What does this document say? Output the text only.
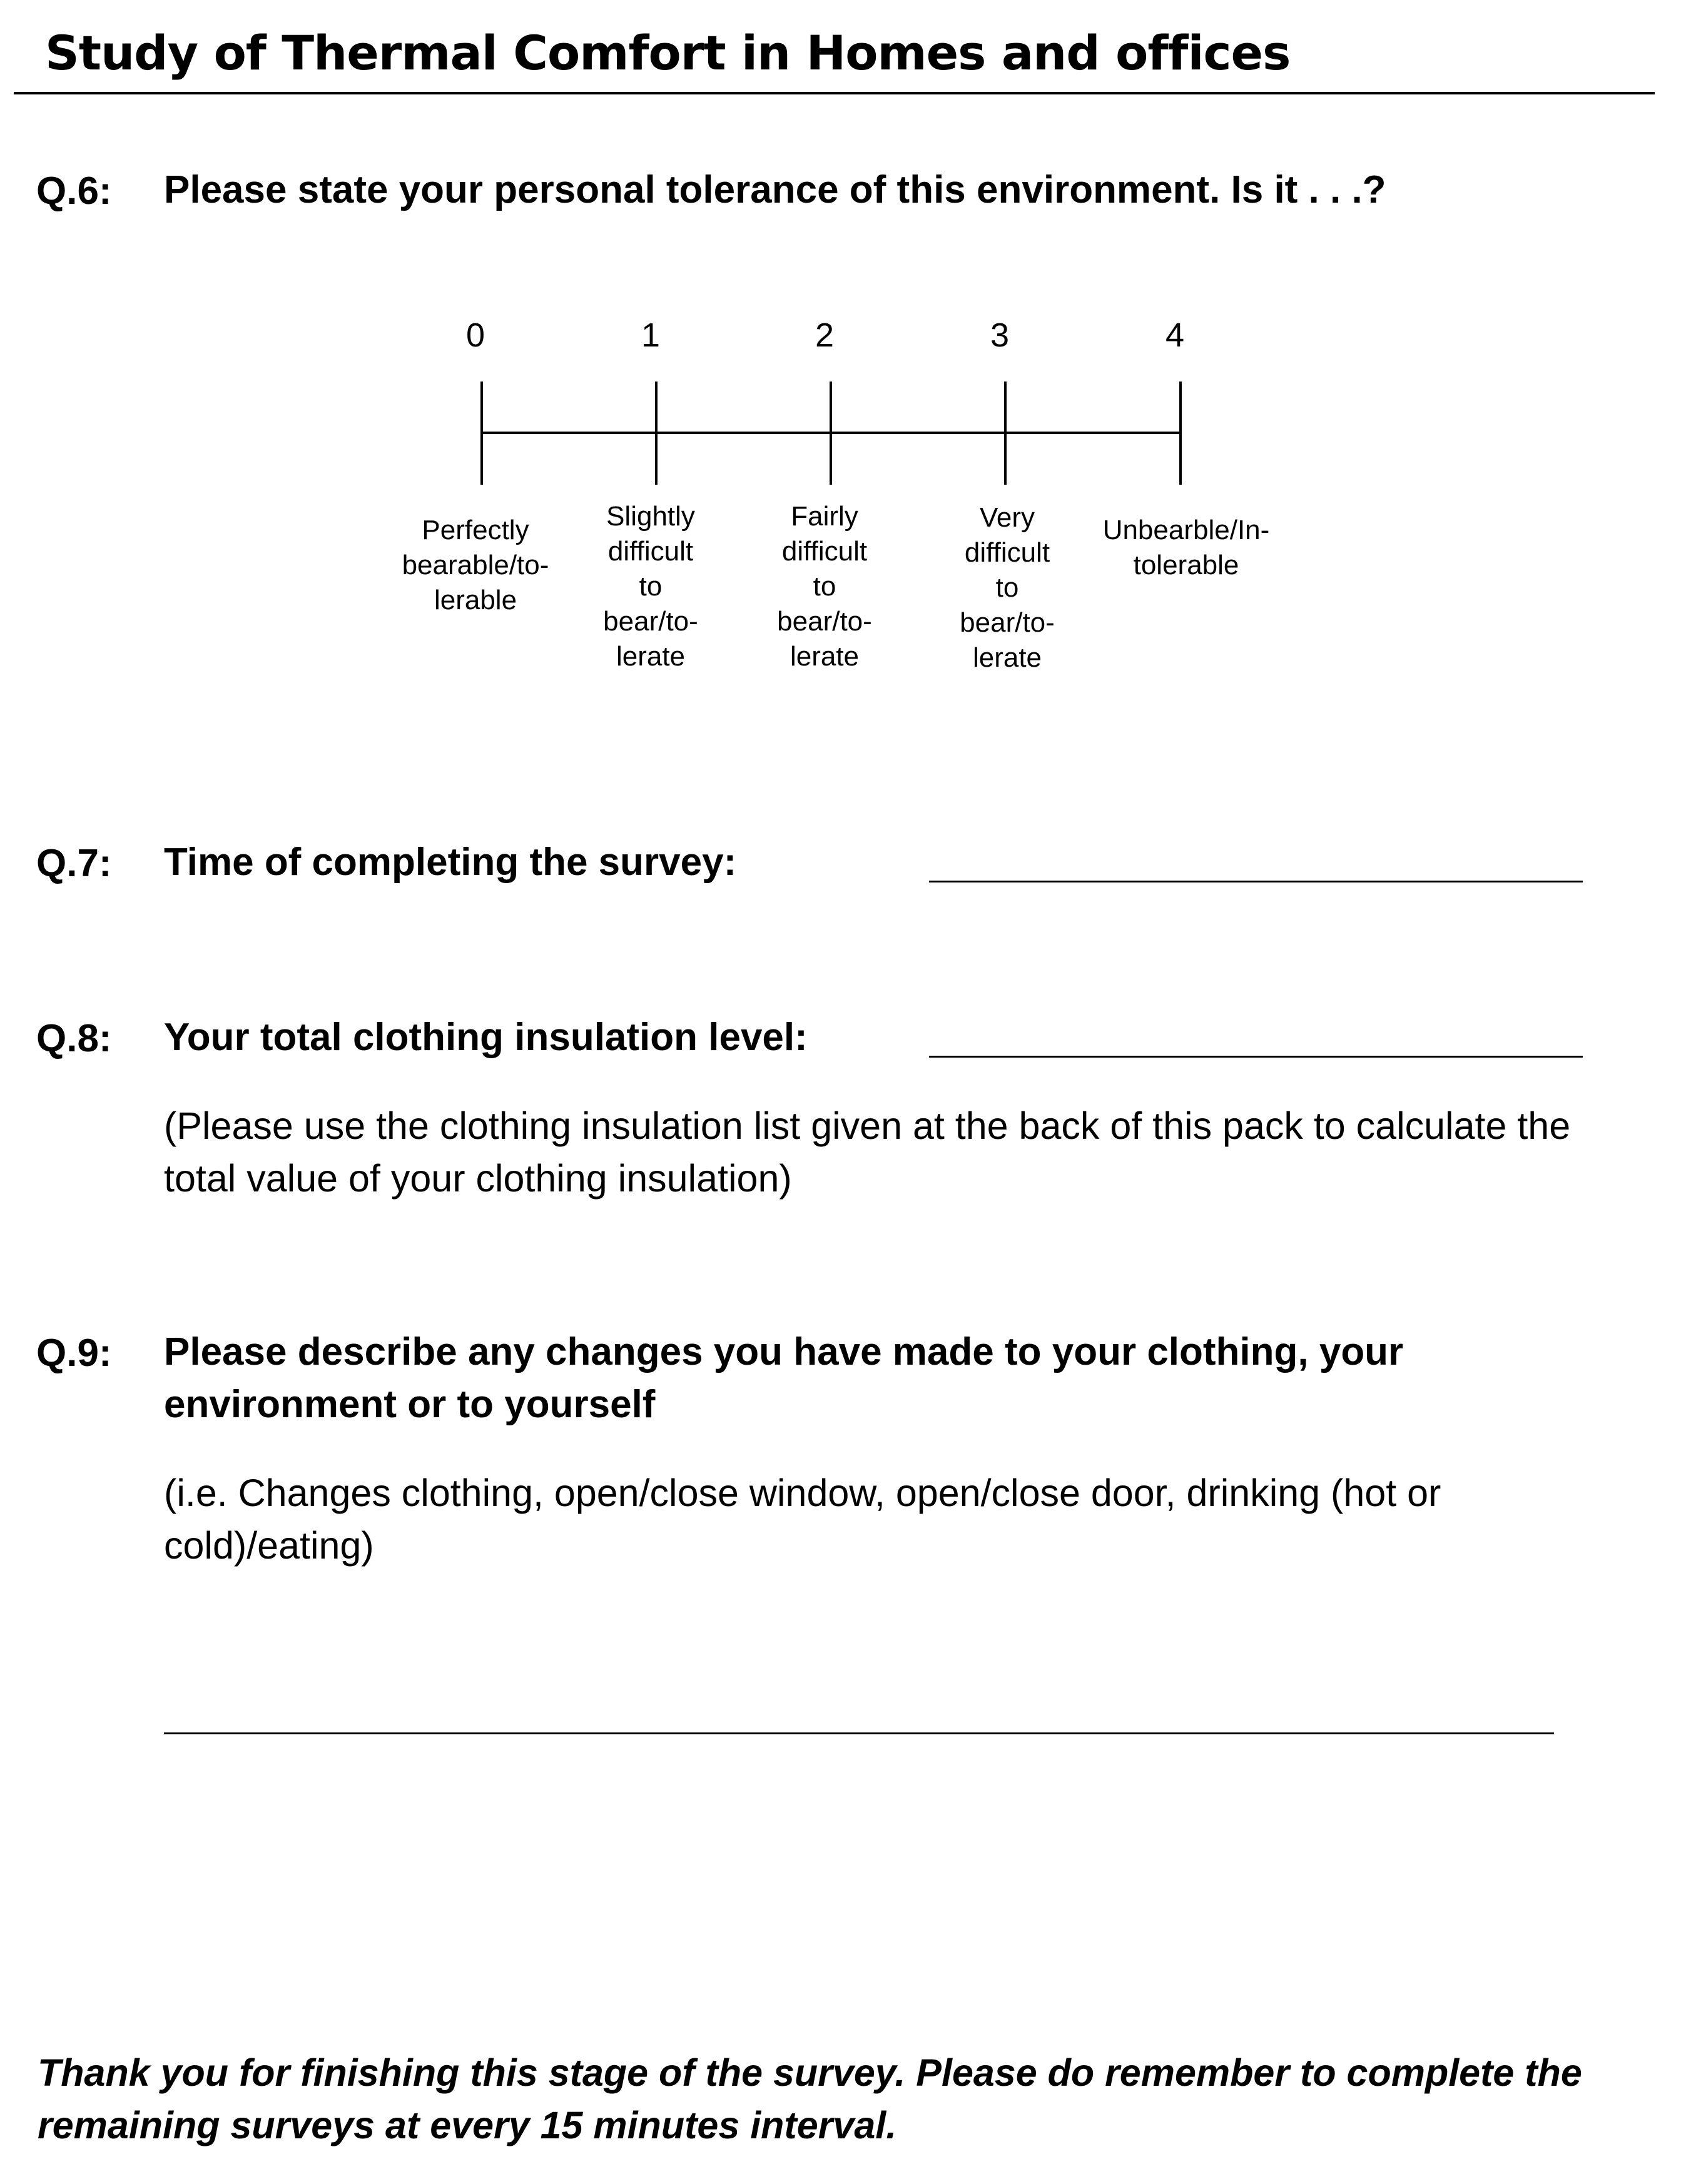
Study of Thermal Comfort in Homes and offices
Q.6: Please state your personal tolerance of this environment. Is it . . .?
0
Perfectly
bearable/to-
lerable
1
Slightly
difficult
to
bear/to-
lerate
2
Fairly
difficult
to
bear/to-
lerate
3
Very
difficult
to
bear/to-
lerate
4
Unbearble/In-
tolerable
Q.7: Time of completing the survey:
Q.8: Your total clothing insulation level:
(Please use the clothing insulation list given at the back of this pack to calculate the
total value of your clothing insulation)
Q.9: Please describe any changes you have made to your clothing, your
environment or to yourself
(i.e. Changes clothing, open/close window, open/close door, drinking (hot or
cold)/eating)
Thank you for finishing this stage of the survey. Please do remember to complete the
remaining surveys at every 15 minutes interval.
